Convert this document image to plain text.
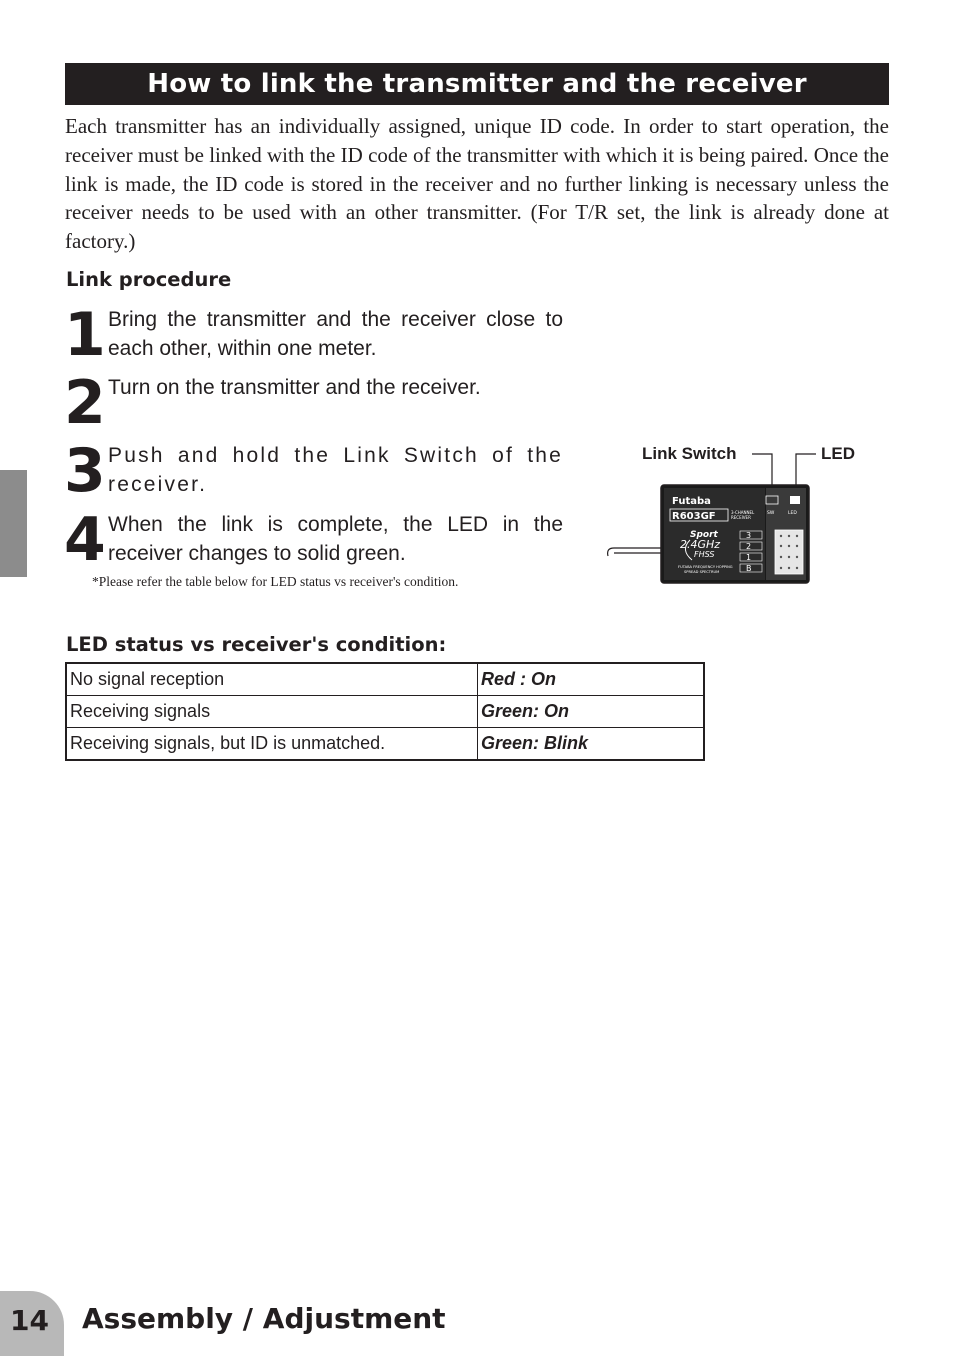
How to link the transmitter and the receiver

Each transmitter has an individually assigned, unique ID code. In order to start operation, the receiver must be linked with the ID code of the transmitter with which it is being paired. Once the link is made, the ID code is stored in the receiver and no further linking is necessary unless the receiver needs to be used with an other transmitter. (For T/R set, the link is already done at factory.)

Link procedure
1 Bring the transmitter and the receiver close to each other, within one meter.

2 Turn on the transmitter and the receiver.

3 Push and hold the Link Switch of the receiver.

4 When the link is complete, the LED in the receiver changes to solid green.

*Please refer the table below for LED status vs receiver's condition.

Link Switch	LED
Futaba
R603GF	3-CHANNEL
RECEIVER
Sport
2.4GHz
FHSS
FUTABA FREQUENCY HOPPING
SPREAD SPECTRUM
SW	LED
3
2
1
B
LED status vs receiver's condition:
No signal reception	Red : On
Receiving signals	Green: On
Receiving signals, but ID is unmatched.	Green: Blink
14 Assembly / Adjustment
